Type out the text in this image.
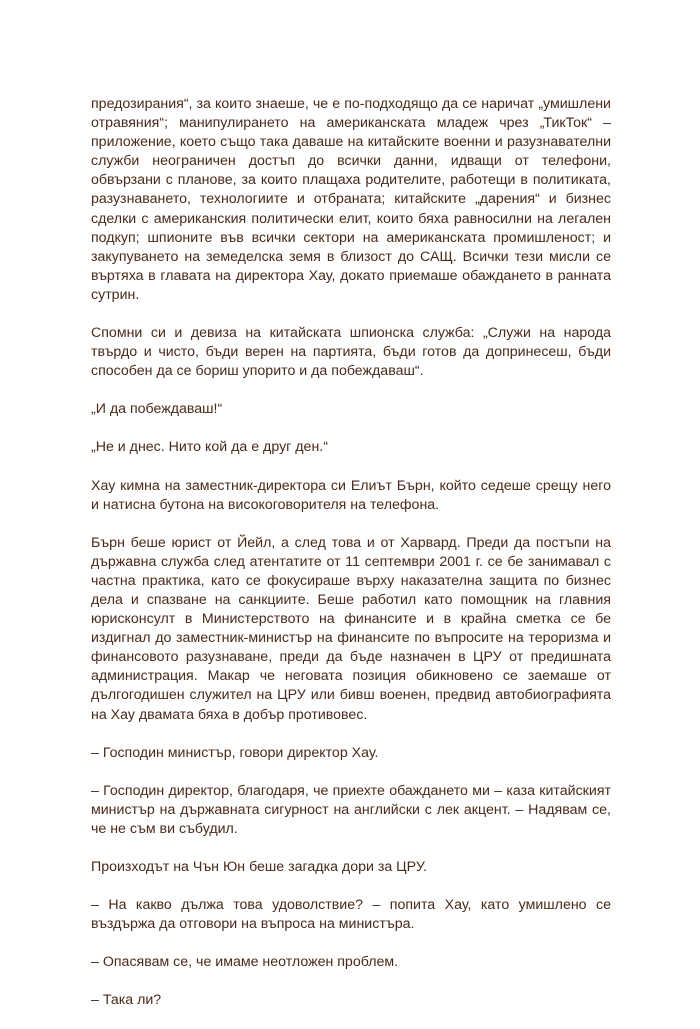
предозирания“, за които знаеше, че е по-подходящо да се наричат „умишлени отравяния“; манипулирането на американската младеж чрез „ТикТок“ – приложение, което също така даваше на китайските военни и разузнавателни служби неограничен достъп до всички данни, идващи от телефони, обвързани с планове, за които плащаха родителите, работещи в политиката, разузнаването, технологиите и отбраната; китайските „дарения“ и бизнес сделки с американския политически елит, които бяха равносилни на легален подкуп; шпионите във всички сектори на американската промишленост; и закупуването на земеделска земя в близост до САЩ. Всички тези мисли се въртяха в главата на директора Хау, докато приемаше обаждането в ранната сутрин.

Спомни си и девиза на китайската шпионска служба: „Служи на народа твърдо и чисто, бъди верен на партията, бъди готов да допринесеш, бъди способен да се бориш упорито и да побеждаваш“.

„И да побеждаваш!“

„Не и днес. Нито кой да е друг ден.“

Хау кимна на заместник-директора си Елиът Бърн, който седеше срещу него и натисна бутона на високоговорителя на телефона.

Бърн беше юрист от Йейл, а след това и от Харвард. Преди да постъпи на държавна служба след атентатите от 11 септември 2001 г. се бе занимавал с частна практика, като се фокусираше върху наказателна защита по бизнес дела и спазване на санкциите. Беше работил като помощник на главния юрисконсулт в Министерството на финансите и в крайна сметка се бе издигнал до заместник-министър на финансите по въпросите на тероризма и финансовото разузнаване, преди да бъде назначен в ЦРУ от предишната администрация. Макар че неговата позиция обикновено се заемаше от дългогодишен служител на ЦРУ или бивш военен, предвид автобиографията на Хау двамата бяха в добър противовес.

– Господин министър, говори директор Хау.

– Господин директор, благодаря, че приехте обаждането ми – каза китайският министър на държавната сигурност на английски с лек акцент. – Надявам се, че не съм ви събудил.

Произходът на Чън Юн беше загадка дори за ЦРУ.

– На какво дължа това удоволствие? – попита Хау, като умишлено се въздържа да отговори на въпроса на министъра.

– Опасявам се, че имаме неотложен проблем.

– Така ли?
